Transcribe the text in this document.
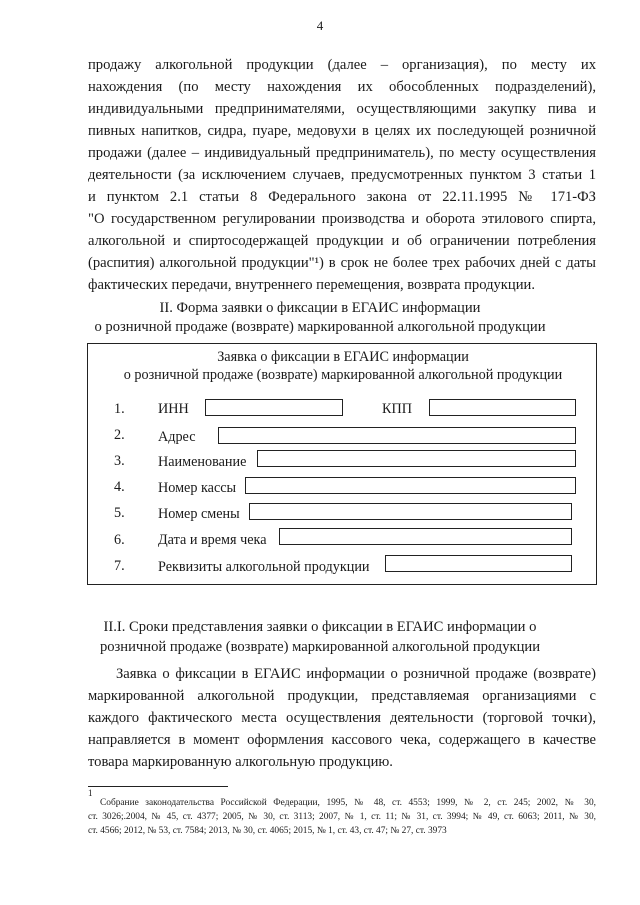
4
продажу алкогольной продукции (далее – организация), по месту их
нахождения (по месту нахождения их обособленных подразделений),
индивидуальными предпринимателями, осуществляющими закупку пива и
пивных напитков, сидра, пуаре, медовухи в целях их последующей розничной
продажи (далее – индивидуальный предприниматель), по месту осуществления
деятельности (за исключением случаев, предусмотренных пунктом 3 статьи 1
и пунктом 2.1 статьи 8 Федерального закона от 22.11.1995 № 171-ФЗ
"О государственном регулировании производства и оборота этилового спирта,
алкогольной и спиртосодержащей продукции и об ограничении потребления
(распития) алкогольной продукции"¹) в срок не более трех рабочих дней с даты
фактических передачи, внутреннего перемещения, возврата продукции.
II. Форма заявки о фиксации в ЕГАИС информации
о розничной продаже (возврате) маркированной алкогольной продукции
Заявка о фиксации в ЕГАИС информации
о розничной продаже (возврате) маркированной алкогольной продукции
1. ИНН	КПП
2. Адрес
3. Наименование
4. Номер кассы
5. Номер смены
6. Дата и время чека
7. Реквизиты алкогольной продукции
II.I. Сроки представления заявки о фиксации в ЕГАИС информации о
розничной продаже (возврате) маркированной алкогольной продукции
Заявка о фиксации в ЕГАИС информации о розничной продаже (возврате)
маркированной алкогольной продукции, представляемая организациями с
каждого фактического места осуществления деятельности (торговой точки),
направляется в момент оформления кассового чека, содержащего в качестве
товара маркированную алкогольную продукцию.
1
Собрание законодательства Российской Федерации, 1995, № 48, ст. 4553; 1999, № 2, ст. 245; 2002, № 30,
ст. 3026;.2004, № 45, ст. 4377; 2005, № 30, ст. 3113; 2007, № 1, ст. 11; № 31, ст. 3994; № 49, ст. 6063; 2011, № 30,
ст. 4566; 2012, № 53, ст. 7584; 2013, № 30, ст. 4065; 2015, № 1, ст. 43, ст. 47; № 27, ст. 3973
